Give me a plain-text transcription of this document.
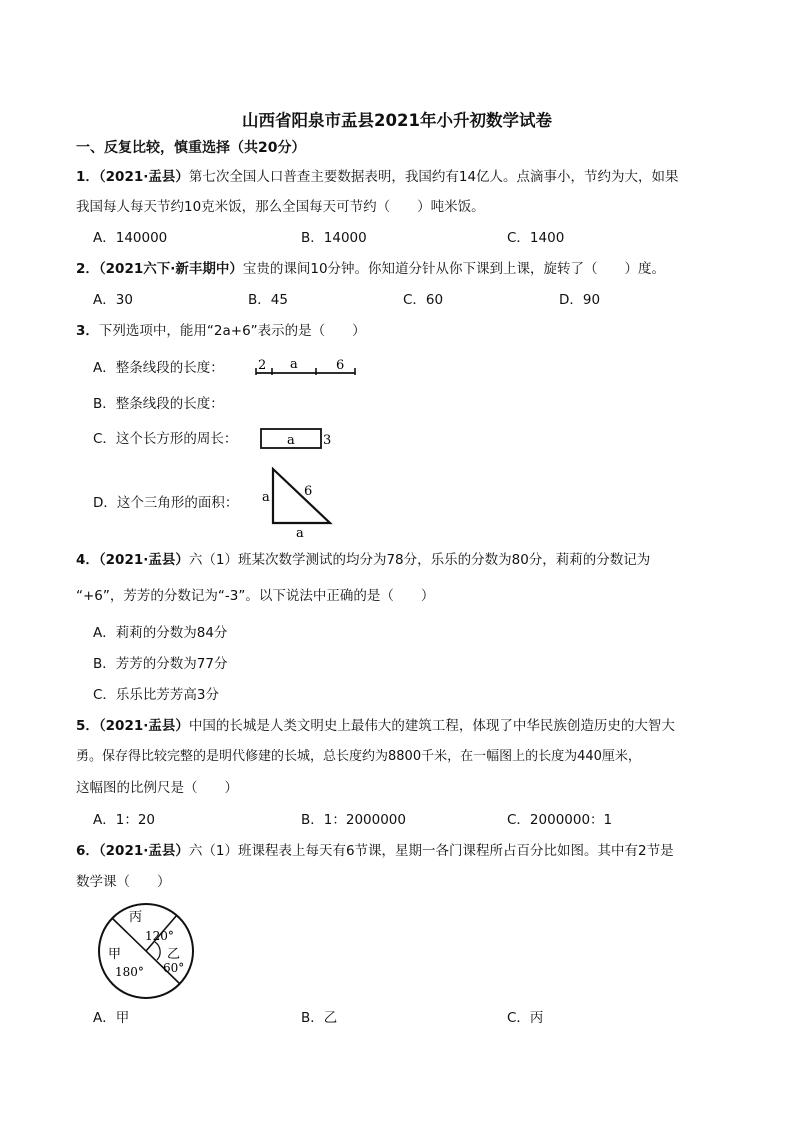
山西省阳泉市盂县2021年小升初数学试卷
一、反复比较，慎重选择（共20分）
1．（2021·盂县）第七次全国人口普查主要数据表明，我国约有14亿人。点滴事小，节约为大，如果
我国每人每天节约10克米饭，那么全国每天可节约（　　）吨米饭。
A．140000	B．14000	C．1400
2．（2021六下·新丰期中）宝贵的课间10分钟。你知道分针从你下课到上课，旋转了（　　）度。
A．30	B．45	C．60	D．90
3．下列选项中，能用“2a+6”表示的是（　　）
A．整条线段的长度：	2 a	6
B．整条线段的长度：
C．这个长方形的周长：	a 3
D．这个三角形的面积： a	6
a
4．（2021·盂县）六（1）班某次数学测试的均分为78分，乐乐的分数为80分，莉莉的分数记为
“+6”，芳芳的分数记为“-3”。以下说法中正确的是（　　）
A．莉莉的分数为84分
B．芳芳的分数为77分
C．乐乐比芳芳高3分
5．（2021·盂县）中国的长城是人类文明史上最伟大的建筑工程，体现了中华民族创造历史的大智大
勇。保存得比较完整的是明代修建的长城，总长度约为8800千米，在一幅图上的长度为440厘米，
这幅图的比例尺是（　　）
A．1：20	B．1：2000000	C．2000000：1
6．（2021·盂县）六（1）班课程表上每天有6节课，星期一各门课程所占百分比如图。其中有2节是
数学课（　　）
丙
120°
甲
180°
乙
60°
A．甲	B．乙	C．丙
